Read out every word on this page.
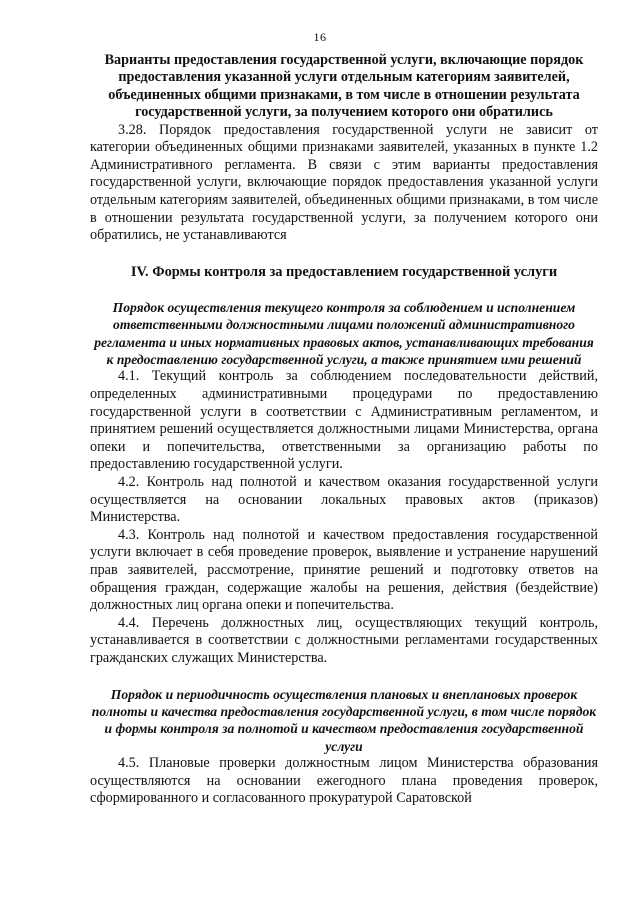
16

Варианты предоставления государственной услуги, включающие порядок предоставления указанной услуги отдельным категориям заявителей, объединенных общими признаками, в том числе в отношении результата государственной услуги, за получением которого они обратились

3.28. Порядок предоставления государственной услуги не зависит от категории объединенных общими признаками заявителей, указанных в пункте 1.2 Административного регламента. В связи с этим варианты предоставления государственной услуги, включающие порядок предоставления указанной услуги отдельным категориям заявителей, объединенных общими признаками, в том числе в отношении результата государственной услуги, за получением которого они обратились, не устанавливаются

IV. Формы контроля за предоставлением государственной услуги

Порядок осуществления текущего контроля за соблюдением и исполнением ответственными должностными лицами положений административного регламента и иных нормативных правовых актов, устанавливающих требования к предоставлению государственной услуги, а также принятием ими решений

4.1. Текущий контроль за соблюдением последовательности действий, определенных административными процедурами по предоставлению государственной услуги в соответствии с Административным регламентом, и принятием решений осуществляется должностными лицами Министерства, органа опеки и попечительства, ответственными за организацию работы по предоставлению государственной услуги.

4.2. Контроль над полнотой и качеством оказания государственной услуги осуществляется на основании локальных правовых актов (приказов) Министерства.

4.3. Контроль над полнотой и качеством предоставления государственной услуги включает в себя проведение проверок, выявление и устранение нарушений прав заявителей, рассмотрение, принятие решений и подготовку ответов на обращения граждан, содержащие жалобы на решения, действия (бездействие) должностных лиц органа опеки и попечительства.

4.4. Перечень должностных лиц, осуществляющих текущий контроль, устанавливается в соответствии с должностными регламентами государственных гражданских служащих Министерства.

Порядок и периодичность осуществления плановых и внеплановых проверок полноты и качества предоставления государственной услуги, в том числе порядок и формы контроля за полнотой и качеством предоставления государственной услуги

4.5. Плановые проверки должностным лицом Министерства образования осуществляются на основании ежегодного плана проведения проверок, сформированного и согласованного прокуратурой Саратовской
